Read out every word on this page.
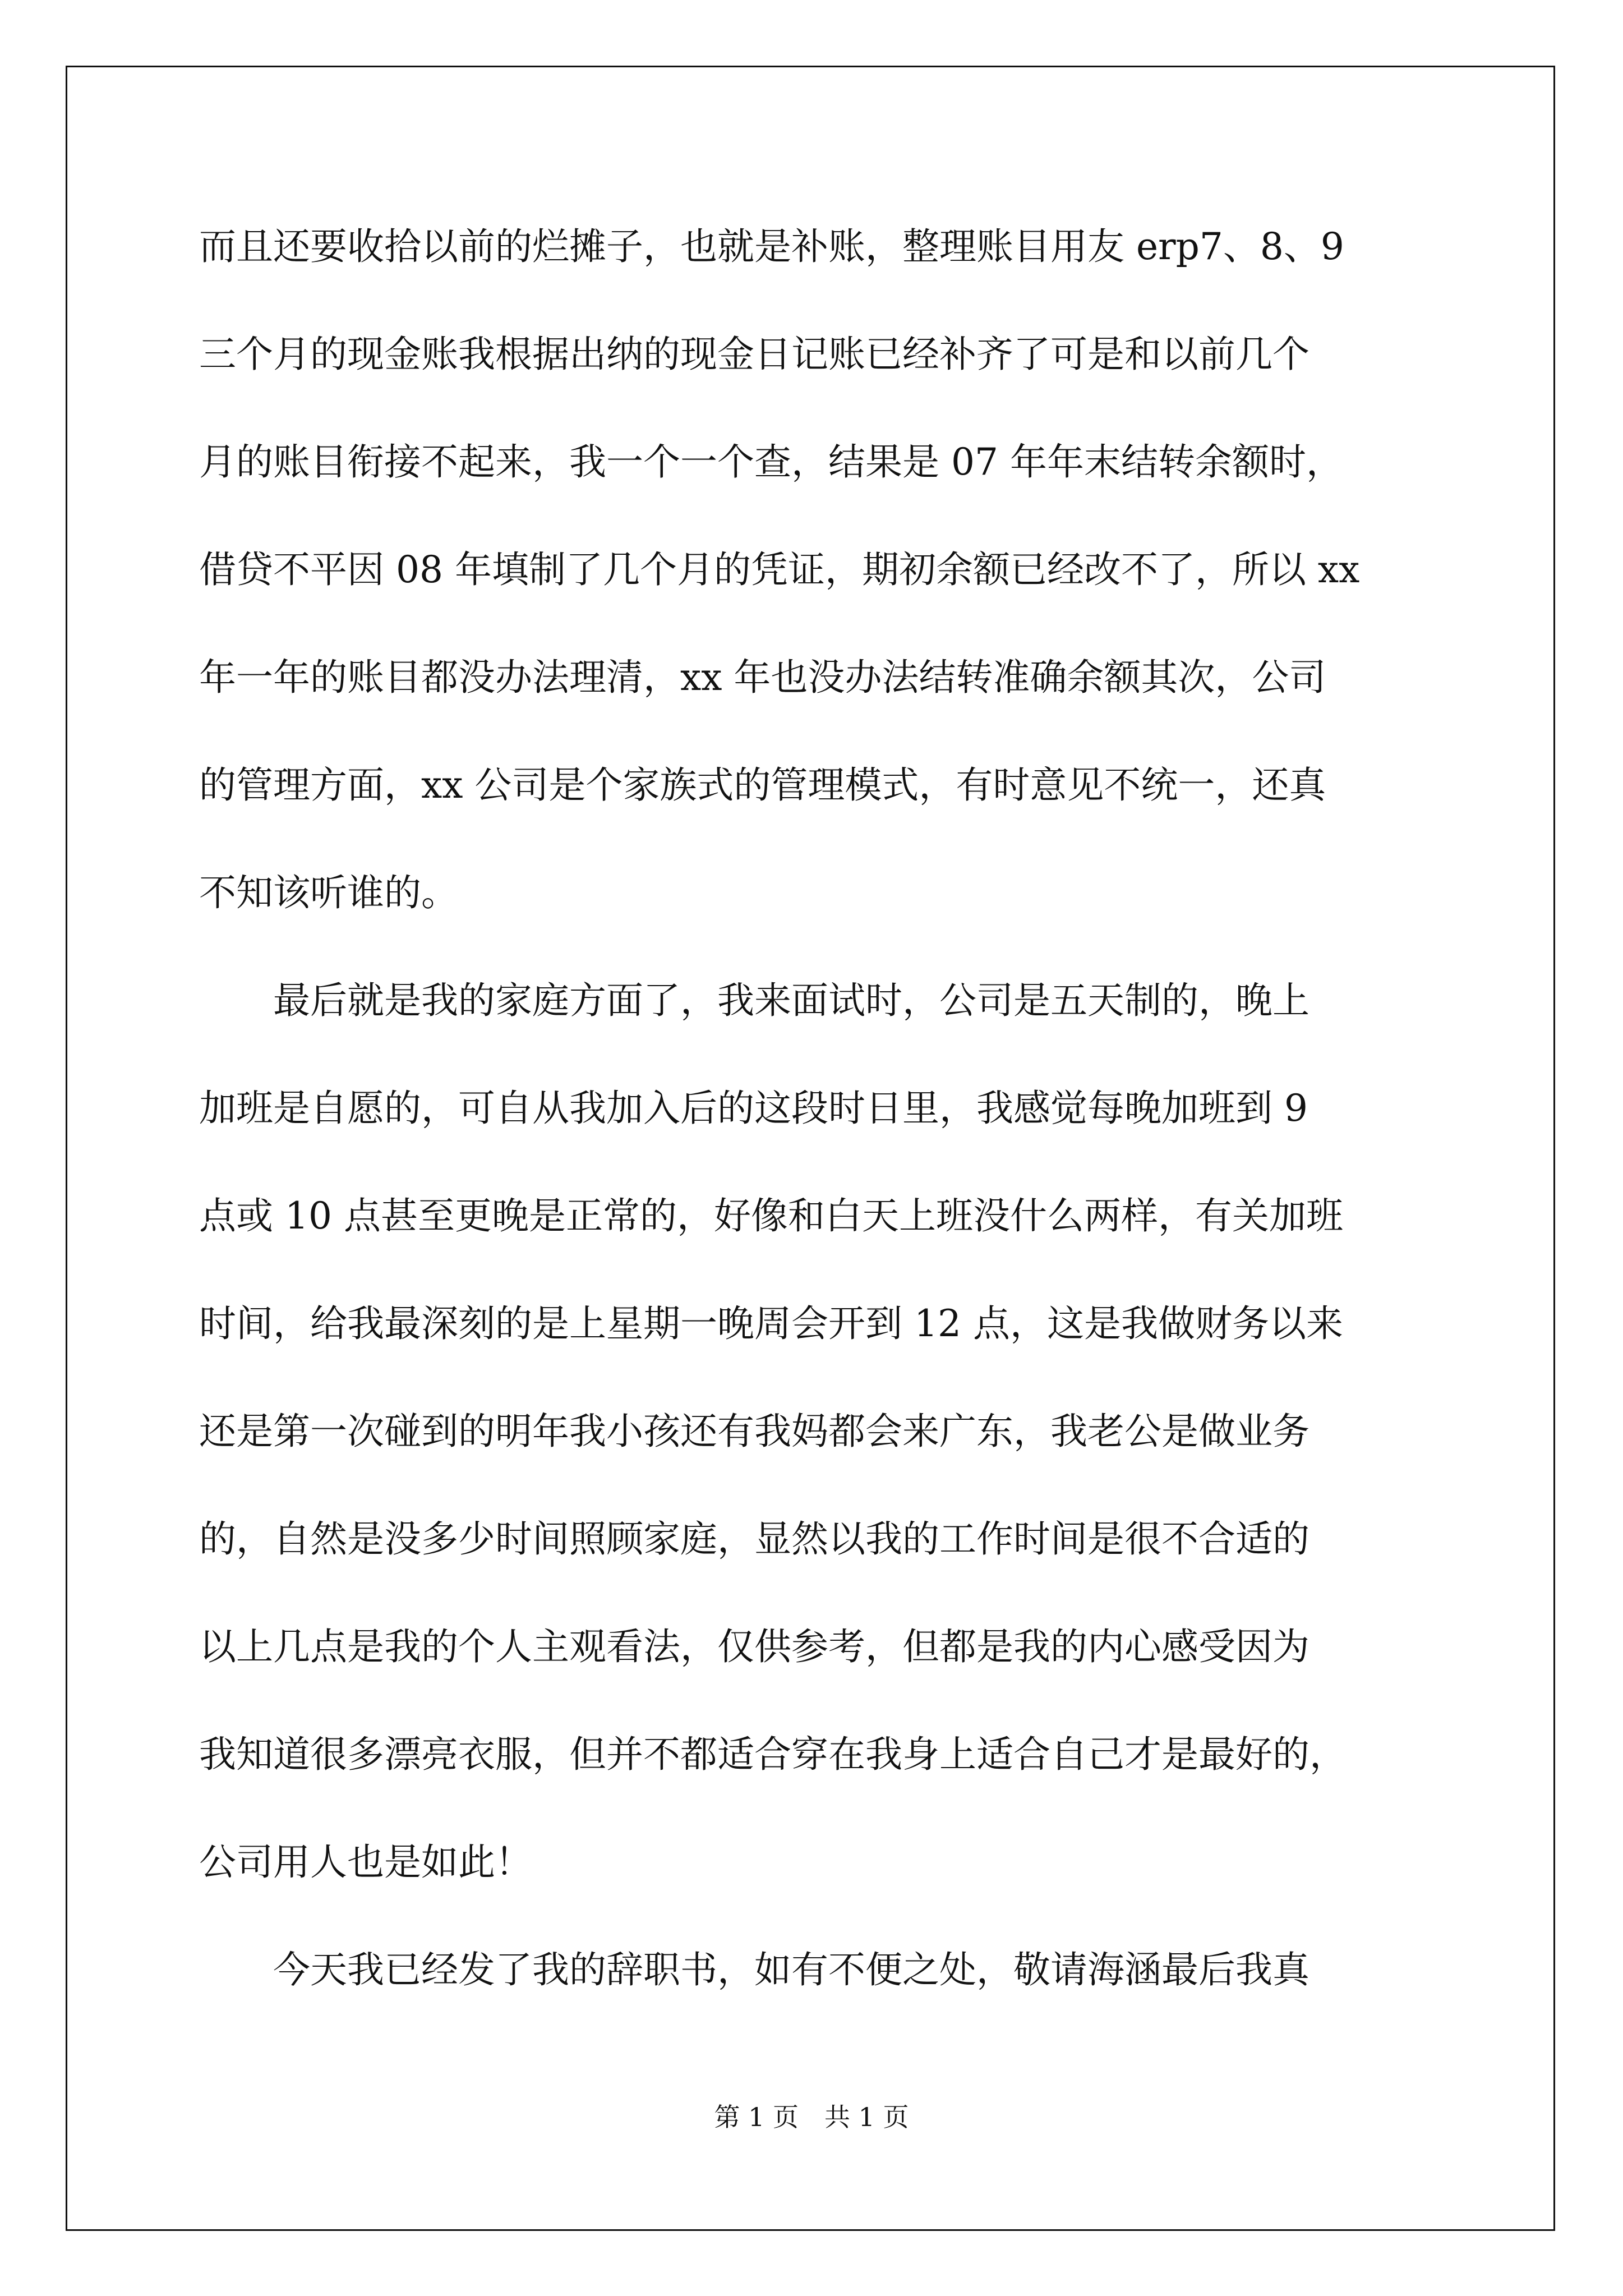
而且还要收拾以前的烂摊子，也就是补账，整理账目用友 erp7、8、9
三个月的现金账我根据出纳的现金日记账已经补齐了可是和以前几个
月的账目衔接不起来，我一个一个查，结果是 07 年年末结转余额时，
借贷不平因 08 年填制了几个月的凭证，期初余额已经改不了，所以 xx
年一年的账目都没办法理清，xx 年也没办法结转准确余额其次，公司
的管理方面，xx 公司是个家族式的管理模式，有时意见不统一，还真
不知该听谁的。
　　最后就是我的家庭方面了，我来面试时，公司是五天制的，晚上
加班是自愿的，可自从我加入后的这段时日里，我感觉每晚加班到 9
点或 10 点甚至更晚是正常的，好像和白天上班没什么两样，有关加班
时间，给我最深刻的是上星期一晚周会开到 12 点，这是我做财务以来
还是第一次碰到的明年我小孩还有我妈都会来广东，我老公是做业务
的，自然是没多少时间照顾家庭，显然以我的工作时间是很不合适的
以上几点是我的个人主观看法，仅供参考，但都是我的内心感受因为
我知道很多漂亮衣服，但并不都适合穿在我身上适合自己才是最好的，
公司用人也是如此！
　　今天我已经发了我的辞职书，如有不便之处，敬请海涵最后我真
第 1 页　共 1 页
